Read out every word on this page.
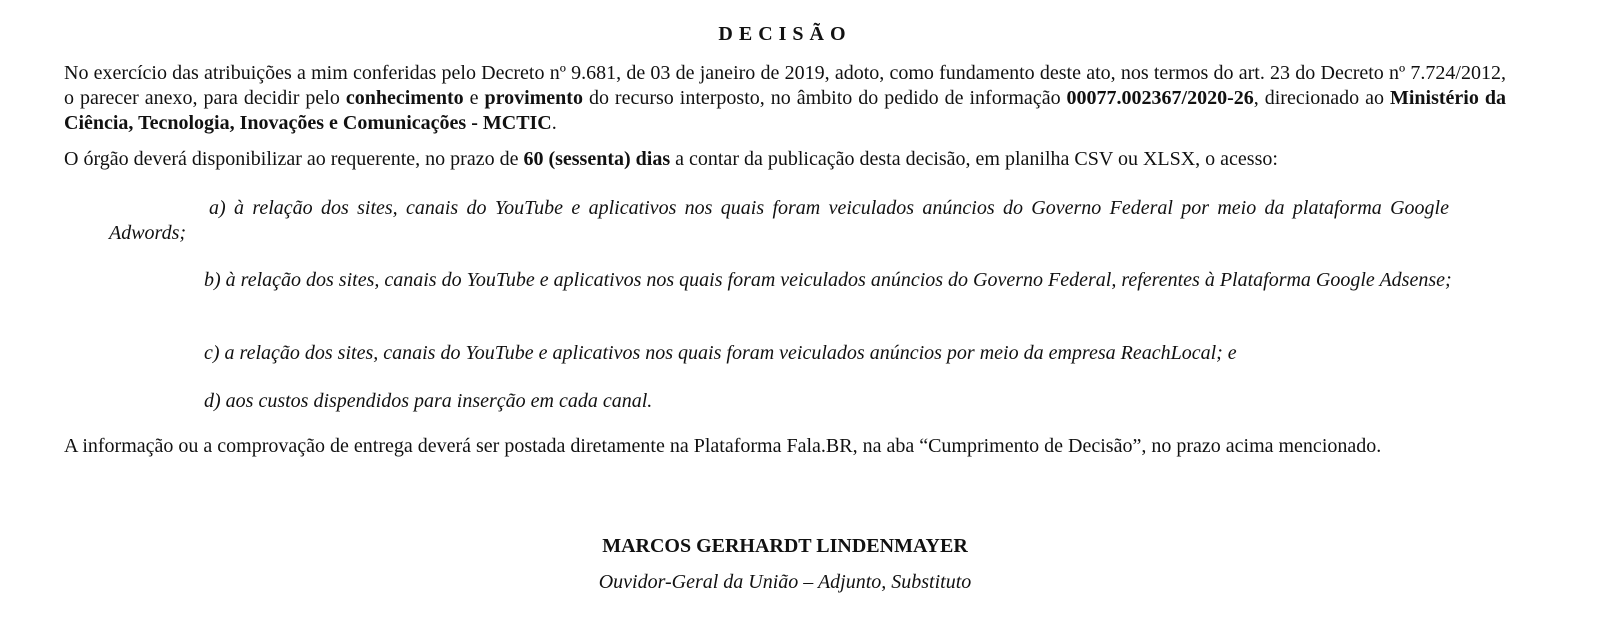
DECISÃO

No exercício das atribuições a mim conferidas pelo Decreto nº 9.681, de 03 de janeiro de 2019, adoto, como fundamento deste ato, nos termos do art. 23 do Decreto nº 7.724/2012, o parecer anexo, para decidir pelo conhecimento e provimento do recurso interposto, no âmbito do pedido de informação 00077.002367/2020-26, direcionado ao Ministério da Ciência, Tecnologia, Inovações e Comunicações - MCTIC.

O órgão deverá disponibilizar ao requerente, no prazo de 60 (sessenta) dias a contar da publicação desta decisão, em planilha CSV ou XLSX, o acesso:

a) à relação dos sites, canais do YouTube e aplicativos nos quais foram veiculados anúncios do Governo Federal por meio da plataforma Google Adwords;

b) à relação dos sites, canais do YouTube e aplicativos nos quais foram veiculados anúncios do Governo Federal, referentes à Plataforma Google Adsense;

c) a relação dos sites, canais do YouTube e aplicativos nos quais foram veiculados anúncios por meio da empresa ReachLocal; e

d) aos custos dispendidos para inserção em cada canal.

A informação ou a comprovação de entrega deverá ser postada diretamente na Plataforma Fala.BR, na aba “Cumprimento de Decisão”, no prazo acima mencionado.

MARCOS GERHARDT LINDENMAYER
Ouvidor-Geral da União – Adjunto, Substituto
